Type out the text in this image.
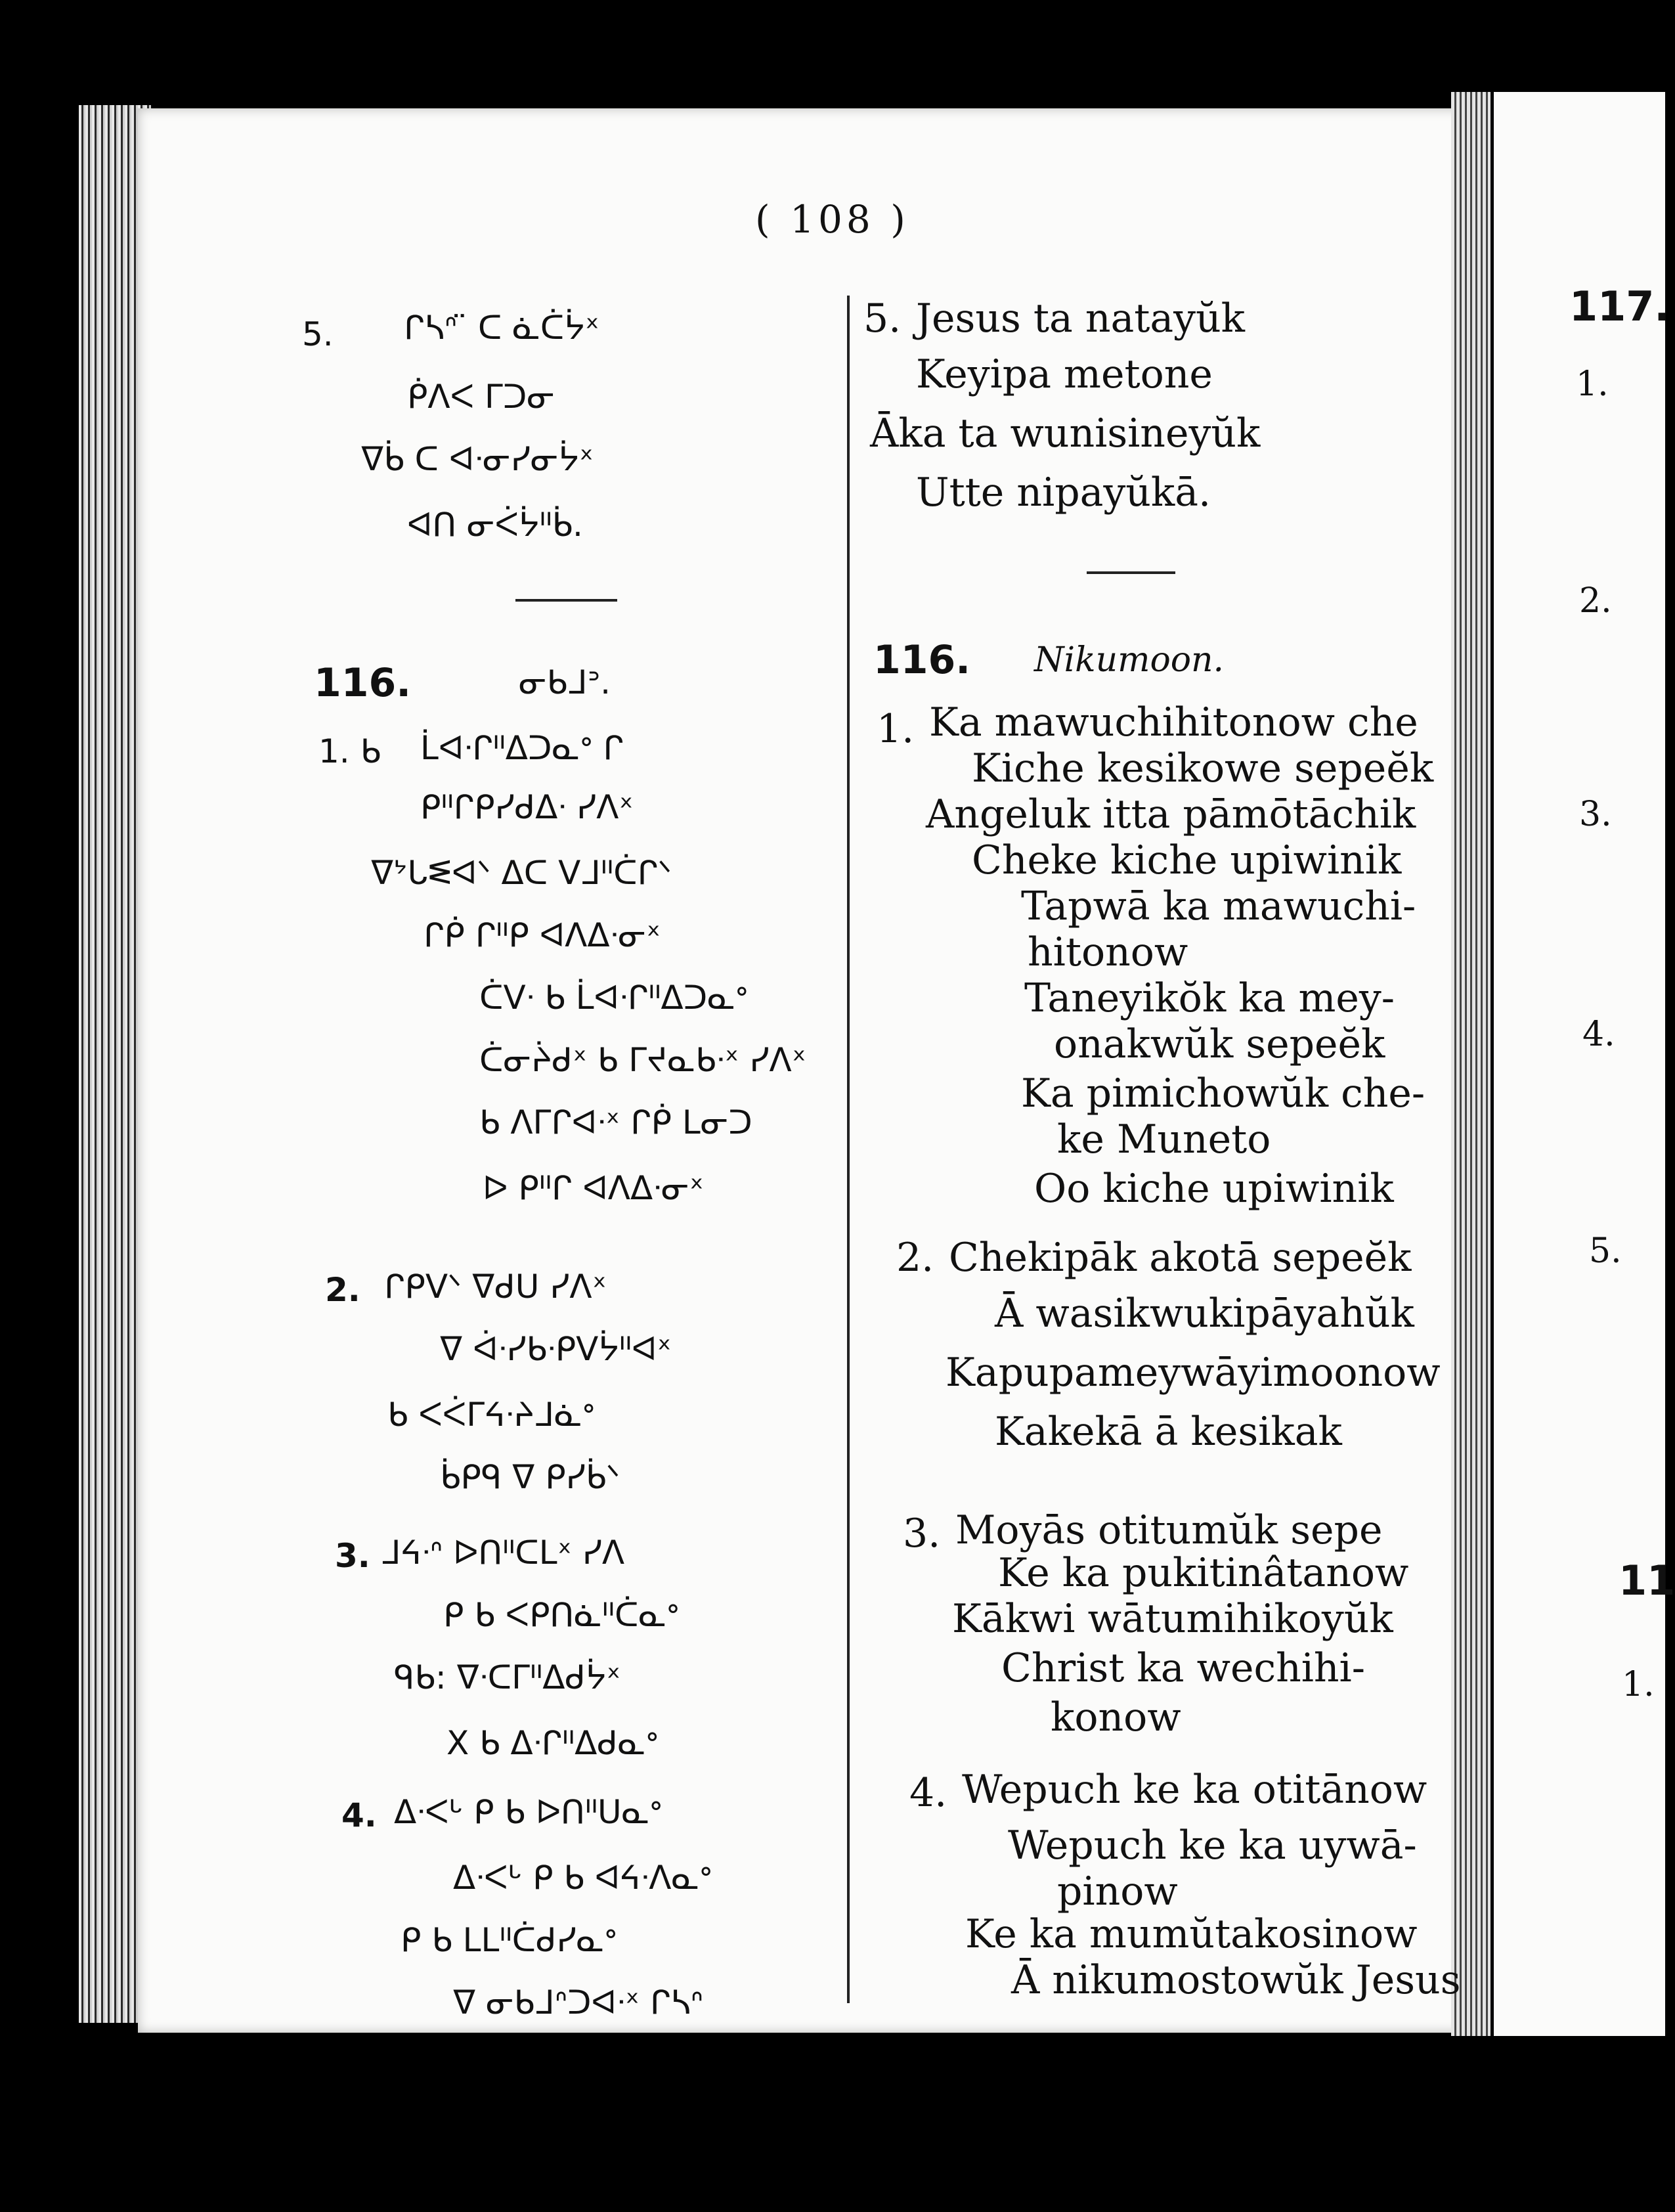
( 108 )
5. ᒋᓴᐢ ̈ ᑕ ᓈᑖᔮˣ
ᑮᐱᐸ ᒥᑐᓂ
ᐁᑳ ᑕ ᐊᐧᓂᓯᓂᔮˣ
ᐊᑎ ᓂᐹᔮᐦᑳ.
116.	ᓂᑲᒧᐣ.
1. ᑲ ᒫᐊᐧᒋᐦᐃᑐᓇᐤ ᒋ
ᑭᐦᒋᑭᓯᑯᐃᐧ ᓯᐱˣ
ᐁᔾᒐᓬᐊᐠ ᐃᑕ ᐯᒧᐦᑖᒋᐠ
ᒋᑮ ᒋᐦᑭ ᐊᐱᐃᐧᓂˣ
ᑖᐯᐧ ᑲ ᒫᐊᐧᒋᐦᐃᑐᓇᐤ
ᑖᓂᔩᑯˣ ᑲ ᒥᔪᓇᑲᐧˣ ᓯᐱˣ
ᑲ ᐱᒥᒋᐊᐧˣ ᒋᑮ ᒪᓂᑐ
ᐅ ᑭᐦᒋ ᐊᐱᐃᐧᓂˣ
2. ᒋᑭᐯᐠ ᐁᑯᑌ ᓯᐱˣ
ᐁ ᐋᐧᓯᑲᐧᑭᐯᔮᐦᐊˣ
ᑲ ᐸᐹᒥᔦᐧᔨᒧᓈᐤ
ᑳᑭᑫ ᐁ ᑭᓯᑳᐠ
3. ᒧᔦᐧᐢ ᐅᑎᐦᑕᒪˣ ᓯᐱ
ᑭ ᑲ ᐸᑭᑎᓈᐦᑖᓇᐤ
ᑫᑲ: ᐁᐧᑕᒥᐦᐃᑯᔮˣ
X ᑲ ᐃᐧᒋᐦᐃᑯᓇᐤ
4. ᐃᐧᐸᒡ ᑭ ᑲ ᐅᑎᐦᑌᓇᐤ
ᐃᐧᐸᒡ ᑭ ᑲ ᐊᔦᐧᐱᓇᐤ
ᑭ ᑲ ᒪᒪᐦᑖᑯᓯᓇᐤ
ᐁ ᓂᑲᒧᐢᑐᐊᐧˣ ᒋᓴᐢ
5. Jesus ta natayŭk
Keyipa metone
Āka ta wunisineyŭk
Utte nipayŭkā.
116. Nikumoon.
1. Ka mawuchihitonow che
Kiche kesikowe sepeĕk
Angeluk itta pāmōtāchik
Cheke kiche upiwinik
Tapwā ka mawuchi-
hitonow
Taneyikŏk ka mey-
onakwŭk sepeĕk
Ka pimichowŭk che-
ke Muneto
Oo kiche upiwinik
2. Chekipāk akotā sepeĕk
Ā wasikwukipāyahŭk
Kapupameywāyimoonow
Kakekā ā kesikak
3. Moyās otitumŭk sepe
Ke ka pukitinâtanow
Kākwi wātumihikoyŭk
Christ ka wechihi-
konow
4. Wepuch ke ka otitānow
Wepuch ke ka uywā-
pinow
Ke ka mumŭtakosinow
Ā nikumostowŭk Jesus
117.
1.
2.
3.
4.
5.
11
1.
